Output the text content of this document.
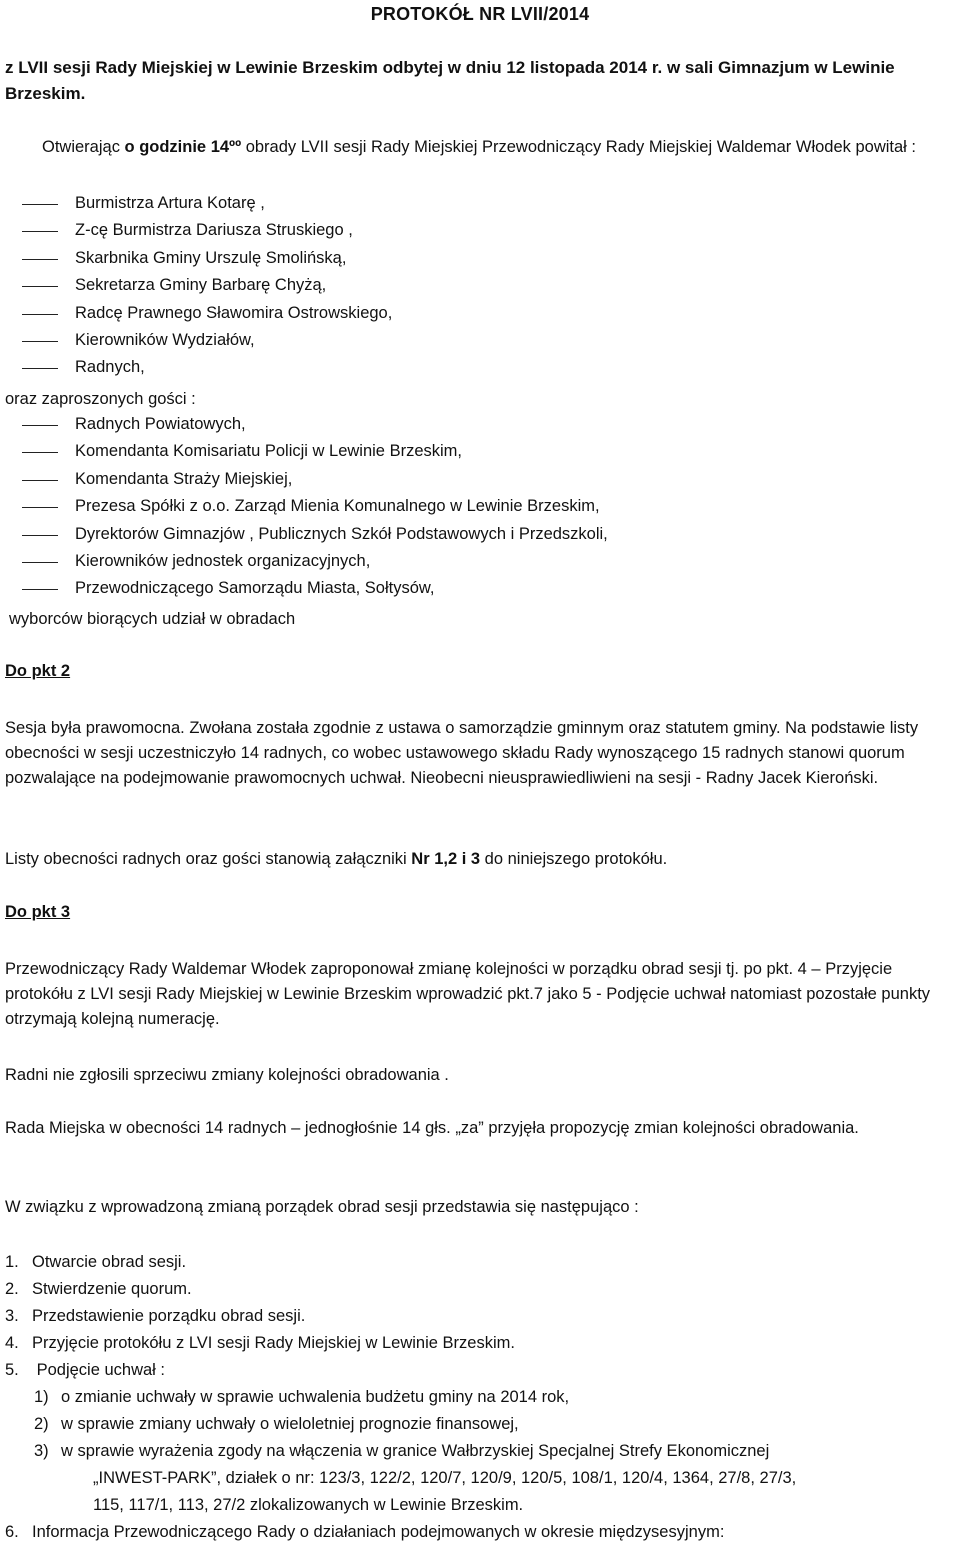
PROTOKÓŁ NR LVII/2014
z LVII sesji Rady Miejskiej w Lewinie Brzeskim odbytej w dniu 12 listopada 2014 r. w sali Gimnazjum w Lewinie Brzeskim.
Otwierając o godzinie 14ºº obrady LVII sesji Rady Miejskiej Przewodniczący Rady Miejskiej Waldemar Włodek powitał :
Burmistrza Artura Kotarę ,
Z-cę Burmistrza Dariusza Struskiego ,
Skarbnika Gminy Urszulę Smolińską,
Sekretarza Gminy Barbarę Chyżą,
Radcę Prawnego Sławomira Ostrowskiego,
Kierowników Wydziałów,
Radnych,
oraz zaproszonych gości :
Radnych Powiatowych,
Komendanta Komisariatu Policji w Lewinie Brzeskim,
Komendanta Straży Miejskiej,
Prezesa Spółki z o.o. Zarząd Mienia Komunalnego w Lewinie Brzeskim,
Dyrektorów Gimnazjów , Publicznych Szkół Podstawowych i Przedszkoli,
Kierowników jednostek organizacyjnych,
Przewodniczącego Samorządu Miasta, Sołtysów,
wyborców biorących udział w obradach
Do pkt 2
Sesja była prawomocna. Zwołana została zgodnie z ustawa o samorządzie gminnym oraz statutem gminy. Na podstawie listy obecności w sesji uczestniczyło 14 radnych, co wobec ustawowego składu Rady wynoszącego 15 radnych stanowi quorum pozwalające na podejmowanie prawomocnych uchwał. Nieobecni nieusprawiedliwieni na sesji - Radny Jacek Kieroński.
Listy obecności radnych oraz gości stanowią załączniki Nr 1,2 i 3 do niniejszego protokółu.
Do pkt 3
Przewodniczący Rady Waldemar Włodek zaproponował zmianę kolejności w porządku obrad sesji tj. po pkt. 4 – Przyjęcie protokółu z LVI sesji Rady Miejskiej w Lewinie Brzeskim wprowadzić pkt.7 jako 5 - Podjęcie uchwał natomiast pozostałe punkty otrzymają kolejną numerację.
Radni nie zgłosili sprzeciwu zmiany kolejności obradowania .
Rada Miejska w obecności 14 radnych – jednogłośnie 14 głs. „za” przyjęła propozycję zmian kolejności obradowania.
W związku z wprowadzoną zmianą porządek obrad sesji przedstawia się następująco :
1. Otwarcie obrad sesji.
2. Stwierdzenie quorum.
3. Przedstawienie porządku obrad sesji.
4. Przyjęcie protokółu z LVI sesji Rady Miejskiej w Lewinie Brzeskim.
5. Podjęcie uchwał :
1) o zmianie uchwały w sprawie uchwalenia budżetu gminy na 2014 rok,
2) w sprawie zmiany uchwały o wieloletniej prognozie finansowej,
3) w sprawie wyrażenia zgody na włączenia w granice Wałbrzyskiej Specjalnej Strefy Ekonomicznej
„INWEST-PARK”, działek o nr: 123/3, 122/2, 120/7, 120/9, 120/5, 108/1, 120/4, 1364, 27/8, 27/3,
115, 117/1, 113, 27/2 zlokalizowanych w Lewinie Brzeskim.
6. Informacja Przewodniczącego Rady o działaniach podejmowanych w okresie międzysesyjnym:
